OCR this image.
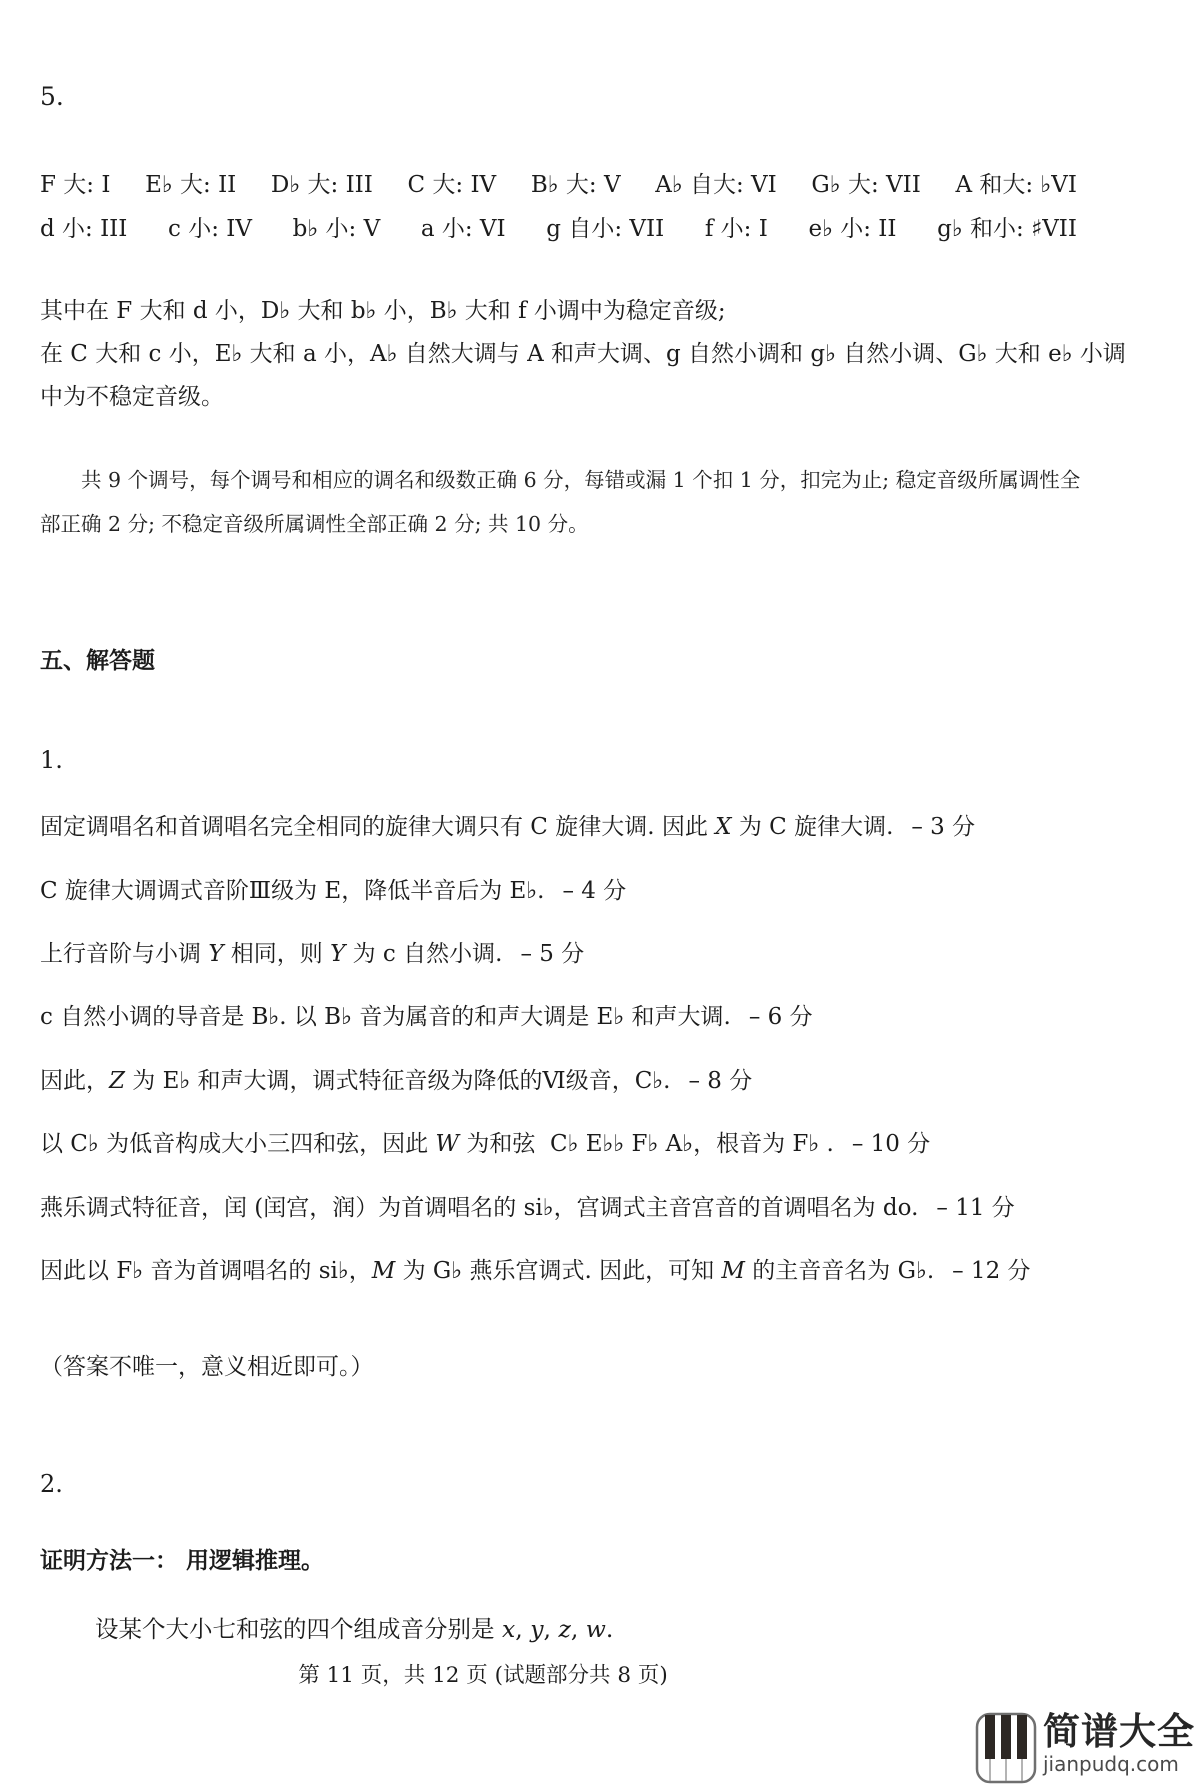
5.
F 大: I E♭ 大: II D♭ 大: III C 大: IV B♭ 大: V A♭ 自大: VI G♭ 大: VII A 和大: ♭VI
d 小: III c 小: IV b♭ 小: V a 小: VI g 自小: VII f 小: I e♭ 小: II g♭ 和小: ♯VII
其中在 F 大和 d 小，D♭ 大和 b♭ 小，B♭ 大和 f 小调中为稳定音级;
在 C 大和 c 小，E♭ 大和 a 小，A♭ 自然大调与 A 和声大调、g 自然小调和 g♭ 自然小调、G♭ 大和 e♭ 小调
中为不稳定音级。
共 9 个调号，每个调号和相应的调名和级数正确 6 分，每错或漏 1 个扣 1 分，扣完为止; 稳定音级所属调性全部正确 2 分; 不稳定音级所属调性全部正确 2 分; 共 10 分。
五、解答题
1.
固定调唱名和首调唱名完全相同的旋律大调只有 C 旋律大调. 因此 X 为 C 旋律大调. – 3 分
C 旋律大调调式音阶Ⅲ级为 E，降低半音后为 E♭. – 4 分
上行音阶与小调 Y 相同，则 Y 为 c 自然小调. – 5 分
c 自然小调的导音是 B♭. 以 B♭ 音为属音的和声大调是 E♭ 和声大调. – 6 分
因此，Z 为 E♭ 和声大调，调式特征音级为降低的Ⅵ级音，C♭. – 8 分
以 C♭ 为低音构成大小三四和弦，因此 W 为和弦  C♭ E♭♭ F♭ A♭，根音为 F♭ . – 10 分
燕乐调式特征音，闰 (闰宫，润）为首调唱名的 si♭，宫调式主音宫音的首调唱名为 do. – 11 分
因此以 F♭ 音为首调唱名的 si♭，M 为 G♭ 燕乐宫调式. 因此，可知 M 的主音音名为 G♭. – 12 分
（答案不唯一，意义相近即可。）
2.
证明方法一： 用逻辑推理。
设某个大小七和弦的四个组成音分别是 x, y, z, w.
第 11 页，共 12 页 (试题部分共 8 页)
简谱大全
jianpudq.com
